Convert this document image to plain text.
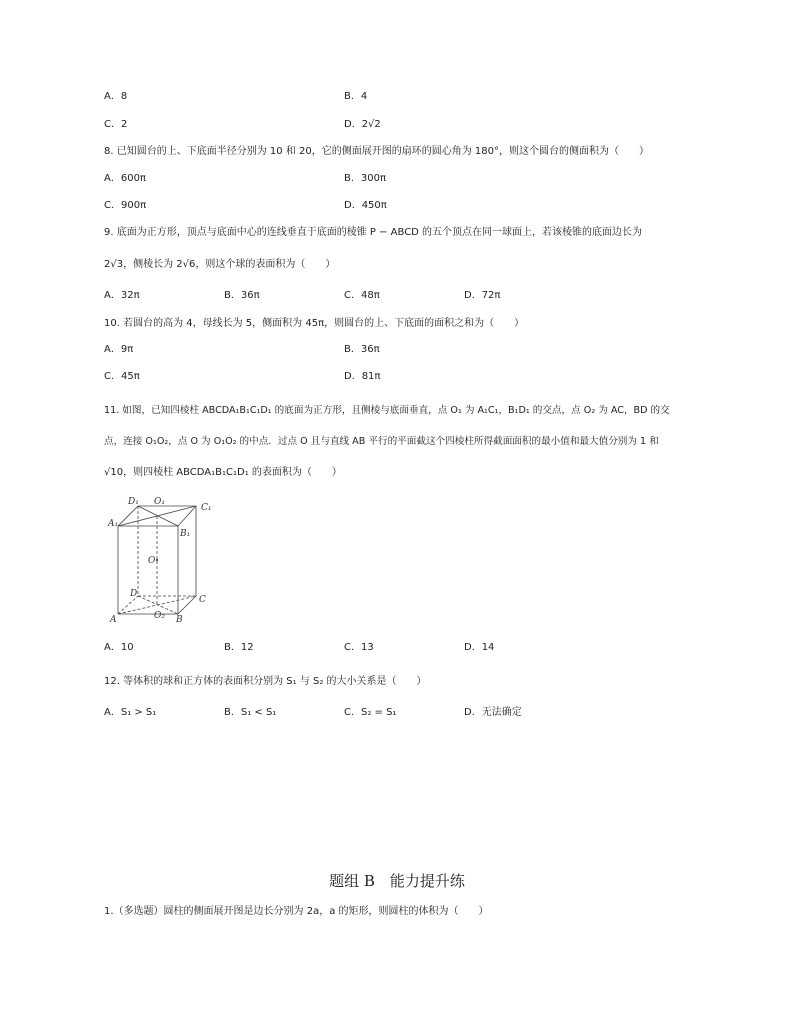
A．8	B．4
C．2	D．2√2
8. 已知圆台的上、下底面半径分别为 10 和 20，它的侧面展开图的扇环的圆心角为 180°，则这个圆台的侧面积为（　　）
A．600π	B．300π
C．900π	D．450π
9. 底面为正方形，顶点与底面中心的连线垂直于底面的棱锥 P − ABCD 的五个顶点在同一球面上，若该棱锥的底面边长为
2√3，侧棱长为 2√6，则这个球的表面积为（　　）
A．32π	B．36π	C．48π	D．72π
10. 若圆台的高为 4，母线长为 5，侧面积为 45π，则圆台的上、下底面的面积之和为（　　）
A．9π	B．36π
C．45π	D．81π
11. 如图，已知四棱柱 ABCDA₁B₁C₁D₁ 的底面为正方形，且侧棱与底面垂直，点 O₁ 为 A₁C₁，B₁D₁ 的交点，点 O₂ 为 AC，BD 的交
点，连接 O₁O₂，点 O 为 O₁O₂ 的中点．过点 O 且与直线 AB 平行的平面截这个四棱柱所得截面面积的最小值和最大值分别为 1 和
√10，则四棱柱 ABCDA₁B₁C₁D₁ 的表面积为（　　）
D₁ O₁
C₁
A₁
B₁
O
D
C
A	O₂ B
A．10	B．12	C．13	D．14
12. 等体积的球和正方体的表面积分别为 S₁ 与 S₂ 的大小关系是（　　）
A．S₁ > S₁	B．S₁ < S₁	C．S₂ = S₁	D．无法确定
题组 B　能力提升练
1.（多选题）圆柱的侧面展开图是边长分别为 2a，a 的矩形，则圆柱的体积为（　　）
